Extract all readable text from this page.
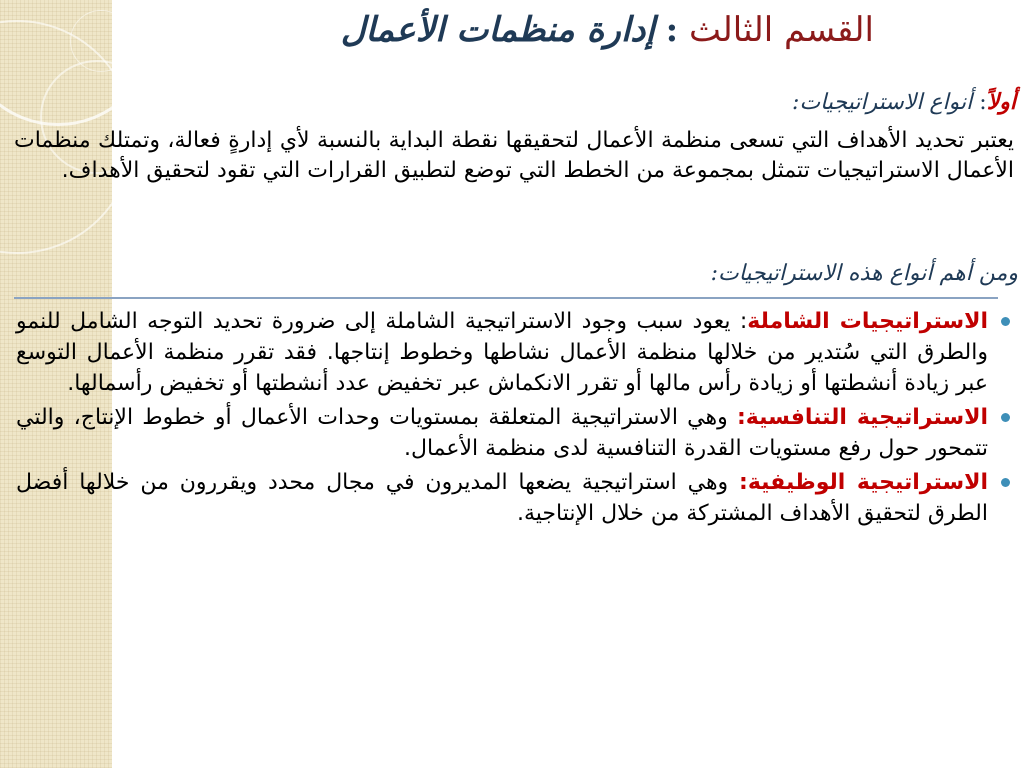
القسم الثالث : إدارة منظمات الأعمال
أولاً: أنواع الاستراتيجيات:
يعتبر تحديد الأهداف التي تسعى منظمة الأعمال لتحقيقها نقطة البداية بالنسبة لأي إدارةٍ فعالة، وتمتلك منظمات الأعمال الاستراتيجيات تتمثل بمجموعة من الخطط التي توضع لتطبيق القرارات التي تقود لتحقيق الأهداف.
ومن أهم أنواع هذه الاستراتيجيات:
الاستراتيجيات الشاملة: يعود سبب وجود الاستراتيجية الشاملة إلى ضرورة تحديد التوجه الشامل للنمو والطرق التي سُتدير من خلالها منظمة الأعمال نشاطها وخطوط إنتاجها. فقد تقرر منظمة الأعمال التوسع عبر زيادة أنشطتها أو زيادة رأس مالها أو تقرر الانكماش عبر تخفيض عدد أنشطتها أو تخفيض رأسمالها.
الاستراتيجية التنافسية: وهي الاستراتيجية المتعلقة بمستويات وحدات الأعمال أو خطوط الإنتاج، والتي تتمحور حول رفع مستويات القدرة التنافسية لدى منظمة الأعمال.
الاستراتيجية الوظيفية: وهي استراتيجية يضعها المديرون في مجال محدد ويقررون من خلالها أفضل الطرق لتحقيق الأهداف المشتركة من خلال الإنتاجية.
